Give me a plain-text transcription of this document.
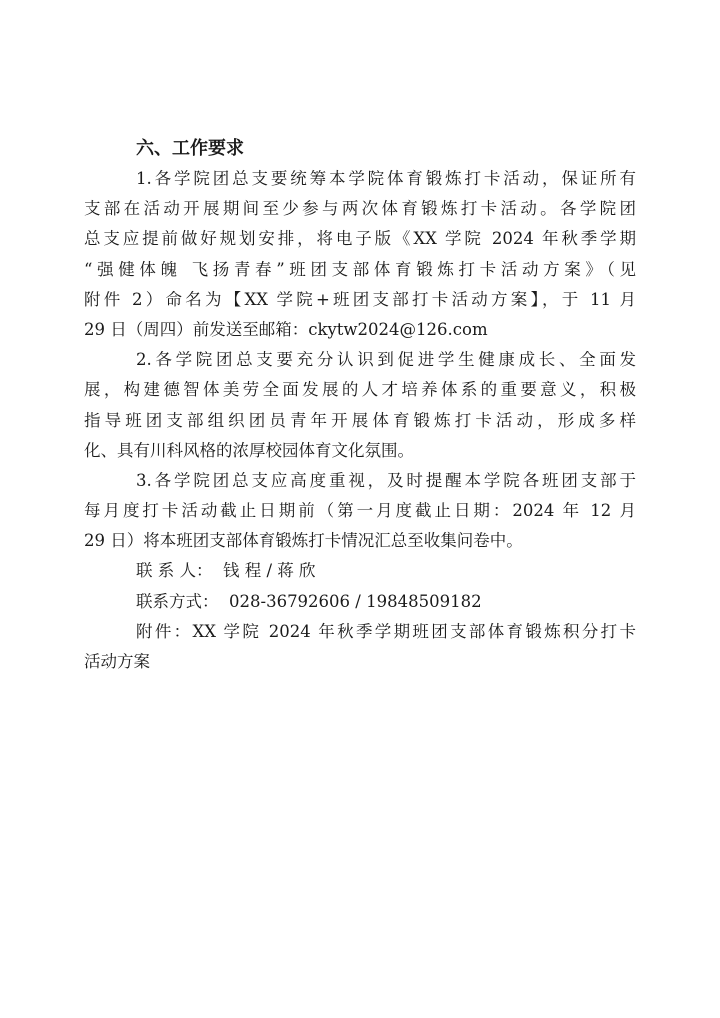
六、工作要求
1.各学院团总支要统筹本学院体育锻炼打卡活动，保证所有
支部在活动开展期间至少参与两次体育锻炼打卡活动。各学院团
总支应提前做好规划安排，将电子版《XX 学院 2024 年秋季学期
“强健体魄 飞扬青春”班团支部体育锻炼打卡活动方案》（见
附件 2）命名为【XX 学院+班团支部打卡活动方案】，于 11 月
29 日（周四）前发送至邮箱：ckytw2024@126.com
2.各学院团总支要充分认识到促进学生健康成长、全面发
展，构建德智体美劳全面发展的人才培养体系的重要意义，积极
指导班团支部组织团员青年开展体育锻炼打卡活动，形成多样
化、具有川科风格的浓厚校园体育文化氛围。
3.各学院团总支应高度重视，及时提醒本学院各班团支部于
每月度打卡活动截止日期前（第一月度截止日期：2024 年 12 月
29 日）将本班团支部体育锻炼打卡情况汇总至收集问卷中。
联 系 人： 钱 程 / 蒋 欣
联系方式： 028-36792606 / 19848509182
附件：XX 学院 2024 年秋季学期班团支部体育锻炼积分打卡
活动方案
